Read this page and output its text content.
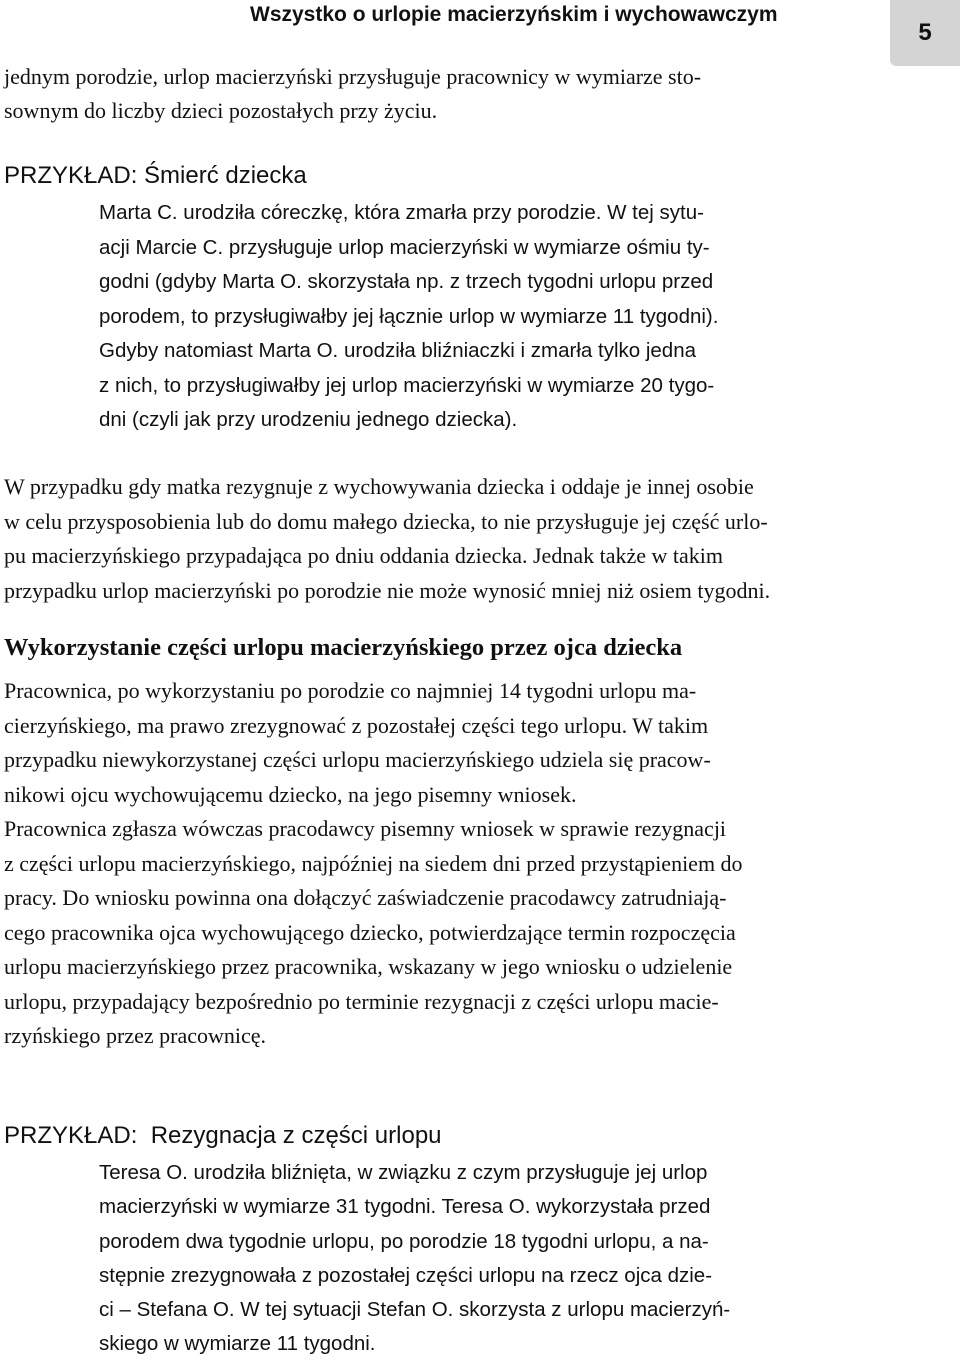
Wszystko o urlopie macierzyńskim i wychowawczym
5
jednym porodzie, urlop macierzyński przysługuje pracownicy w wymiarze sto-
sownym do liczby dzieci pozostałych przy życiu.
PRZYKŁAD: Śmierć dziecka
Marta C. urodziła córeczkę, która zmarła przy porodzie. W tej sytu-
acji Marcie C. przysługuje urlop macierzyński w wymiarze ośmiu ty-
godni (gdyby Marta O. skorzystała np. z trzech tygodni urlopu przed
porodem, to przysługiwałby jej łącznie urlop w wymiarze 11 tygodni).
Gdyby natomiast Marta O. urodziła bliźniaczki i zmarła tylko jedna
z nich, to przysługiwałby jej urlop macierzyński w wymiarze 20 tygo-
dni (czyli jak przy urodzeniu jednego dziecka).
W przypadku gdy matka rezygnuje z wychowywania dziecka i oddaje je innej osobie
w celu przysposobienia lub do domu małego dziecka, to nie przysługuje jej część urlo-
pu macierzyńskiego przypadająca po dniu oddania dziecka. Jednak także w takim
przypadku urlop macierzyński po porodzie nie może wynosić mniej niż osiem tygodni.
Wykorzystanie części urlopu macierzyńskiego przez ojca dziecka
Pracownica, po wykorzystaniu po porodzie co najmniej 14 tygodni urlopu ma-
cierzyńskiego, ma prawo zrezygnować z pozostałej części tego urlopu. W takim
przypadku niewykorzystanej części urlopu macierzyńskiego udziela się pracow-
nikowi ojcu wychowującemu dziecko, na jego pisemny wniosek.
Pracownica zgłasza wówczas pracodawcy pisemny wniosek w sprawie rezygnacji
z części urlopu macierzyńskiego, najpóźniej na siedem dni przed przystąpieniem do
pracy. Do wniosku powinna ona dołączyć zaświadczenie pracodawcy zatrudniają-
cego pracownika ojca wychowującego dziecko, potwierdzające termin rozpoczęcia
urlopu macierzyńskiego przez pracownika, wskazany w jego wniosku o udzielenie
urlopu, przypadający bezpośrednio po terminie rezygnacji z części urlopu macie-
rzyńskiego przez pracownicę.
PRZYKŁAD:  Rezygnacja z części urlopu
Teresa O. urodziła bliźnięta, w związku z czym przysługuje jej urlop
macierzyński w wymiarze 31 tygodni. Teresa O. wykorzystała przed
porodem dwa tygodnie urlopu, po porodzie 18 tygodni urlopu, a na-
stępnie zrezygnowała z pozostałej części urlopu na rzecz ojca dzie-
ci – Stefana O. W tej sytuacji Stefan O. skorzysta z urlopu macierzyń-
skiego w wymiarze 11 tygodni.
